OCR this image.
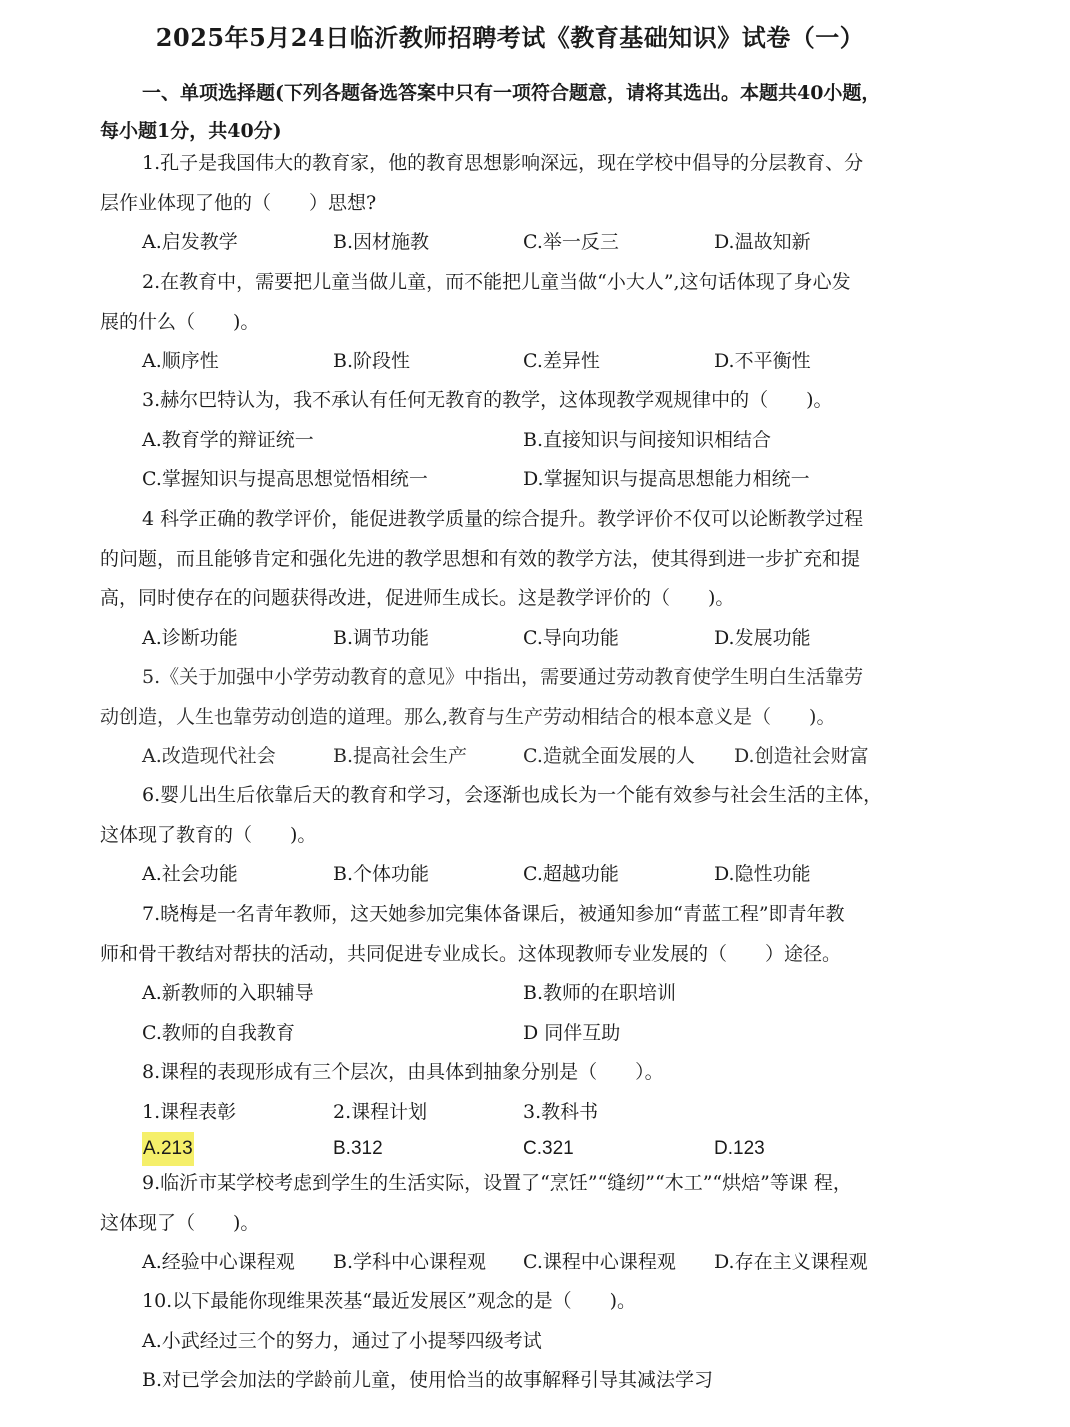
2025年5月24日临沂教师招聘考试《教育基础知识》试卷（一）
一、单项选择题(下列各题备选答案中只有一项符合题意，请将其选出。本题共40小题，
每小题1分，共40分)
1.孔子是我国伟大的教育家，他的教育思想影响深远，现在学校中倡导的分层教育、分
层作业体现了他的（　　）思想?
A.启发教学	B.因材施教	C.举一反三	D.温故知新
2.在教育中，需要把儿童当做儿童，而不能把儿童当做“小大人”,这句话体现了身心发
展的什么（　　)。
A.顺序性	B.阶段性	C.差异性	D.不平衡性
3.赫尔巴特认为，我不承认有任何无教育的教学，这体现教学观规律中的（　　)。
A.教育学的辩证统一	B.直接知识与间接知识相结合
C.掌握知识与提高思想觉悟相统一	D.掌握知识与提高思想能力相统一
4 科学正确的教学评价，能促进教学质量的综合提升。教学评价不仅可以论断教学过程
的问题，而且能够肯定和强化先进的教学思想和有效的教学方法，使其得到进一步扩充和提
高，同时使存在的问题获得改进，促进师生成长。这是教学评价的（　　)。
A.诊断功能	B.调节功能	C.导向功能	D.发展功能
5.《关于加强中小学劳动教育的意见》中指出，需要通过劳动教育使学生明白生活靠劳
动创造，人生也靠劳动创造的道理。那么,教育与生产劳动相结合的根本意义是（　　)。
A.改造现代社会	B.提高社会生产	C.造就全面发展的人 D.创造社会财富
6.婴儿出生后依靠后天的教育和学习，会逐渐也成长为一个能有效参与社会生活的主体，
这体现了教育的（　　)。
A.社会功能	B.个体功能	C.超越功能	D.隐性功能
7.晓梅是一名青年教师，这天她参加完集体备课后，被通知参加“青蓝工程”即青年教
师和骨干教结对帮扶的活动，共同促进专业成长。这体现教师专业发展的（　　）途径。
A.新教师的入职辅导	B.教师的在职培训
C.教师的自我教育	D 同伴互助
8.课程的表现形成有三个层次，由具体到抽象分别是（　　）。
1.课程表彰	2.课程计划	3.教科书
A.213	B.312	C.321	D.123
9.临沂市某学校考虑到学生的生活实际，设置了“烹饪”“缝纫”“木工”“烘焙”等课 程，
这体现了（　　)。
A.经验中心课程观 B.学科中心课程观 C.课程中心课程观 D.存在主义课程观
10.以下最能你现维果茨基“最近发展区”观念的是（　　)。
A.小武经过三个的努力，通过了小提琴四级考试
B.对已学会加法的学龄前儿童，使用恰当的故事解释引导其减法学习
